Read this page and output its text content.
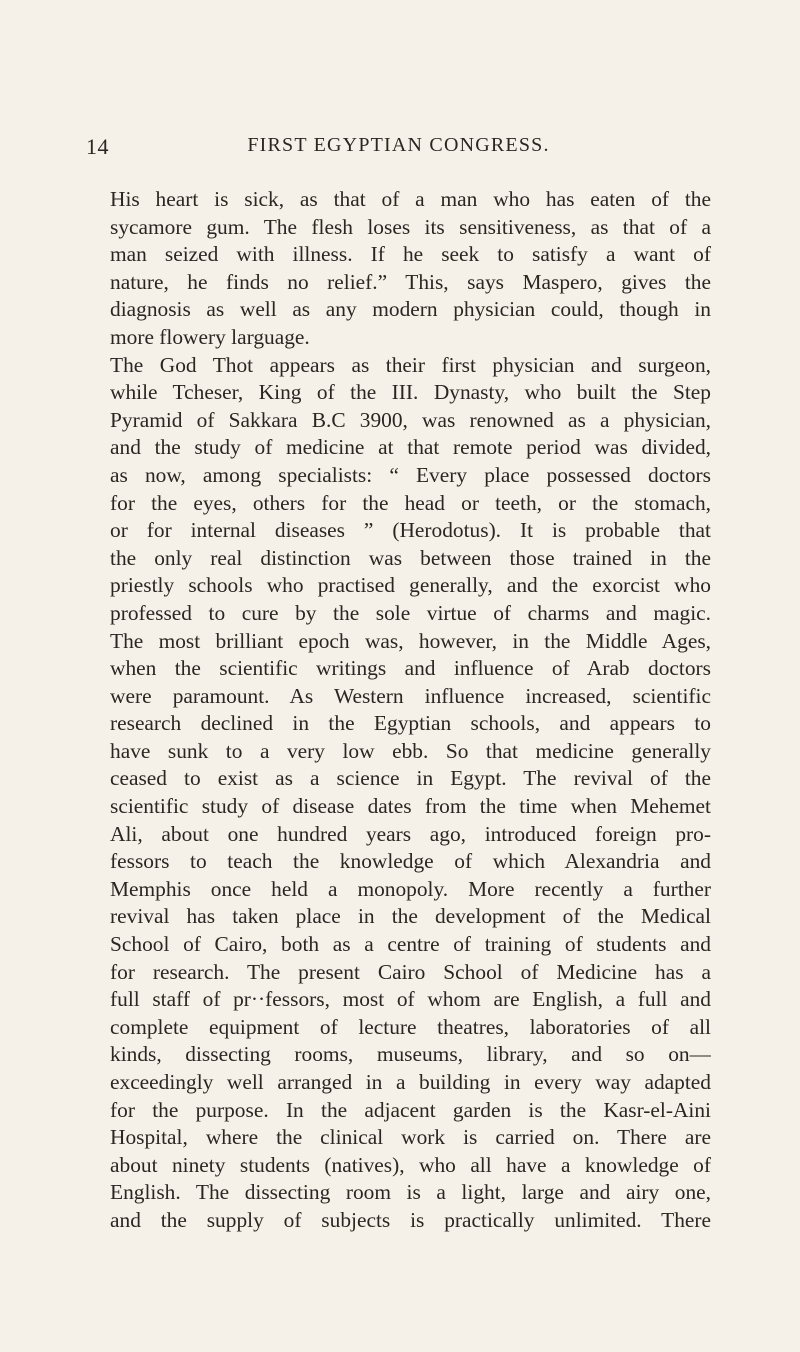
14	FIRST EGYPTIAN CONGRESS.
His heart is sick, as that of a man who has eaten of the
sycamore gum. The flesh loses its sensitiveness, as that of a
man seized with illness. If he seek to satisfy a want of
nature, he finds no relief.” This, says Maspero, gives the
diagnosis as well as any modern physician could, though in
more flowery larguage.
The God Thot appears as their first physician and surgeon,
while Tcheser, King of the III. Dynasty, who built the Step
Pyramid of Sakkara B.C 3900, was renowned as a physician,
and the study of medicine at that remote period was divided,
as now, among specialists: “ Every place possessed doctors
for the eyes, others for the head or teeth, or the stomach,
or for internal diseases ” (Herodotus). It is probable that
the only real distinction was between those trained in the
priestly schools who practised generally, and the exorcist who
professed to cure by the sole virtue of charms and magic.
The most brilliant epoch was, however, in the Middle Ages,
when the scientific writings and influence of Arab doctors
were paramount. As Western influence increased, scientific
research declined in the Egyptian schools, and appears to
have sunk to a very low ebb. So that medicine generally
ceased to exist as a science in Egypt. The revival of the
scientific study of disease dates from the time when Mehemet
Ali, about one hundred years ago, introduced foreign pro-
fessors to teach the knowledge of which Alexandria and
Memphis once held a monopoly. More recently a further
revival has taken place in the development of the Medical
School of Cairo, both as a centre of training of students and
for research. The present Cairo School of Medicine has a
full staff of pr··fessors, most of whom are English, a full and
complete equipment of lecture theatres, laboratories of all
kinds, dissecting rooms, museums, library, and so on—
exceedingly well arranged in a building in every way adapted
for the purpose. In the adjacent garden is the Kasr-el-Aini
Hospital, where the clinical work is carried on. There are
about ninety students (natives), who all have a knowledge of
English. The dissecting room is a light, large and airy one,
and the supply of subjects is practically unlimited. There
